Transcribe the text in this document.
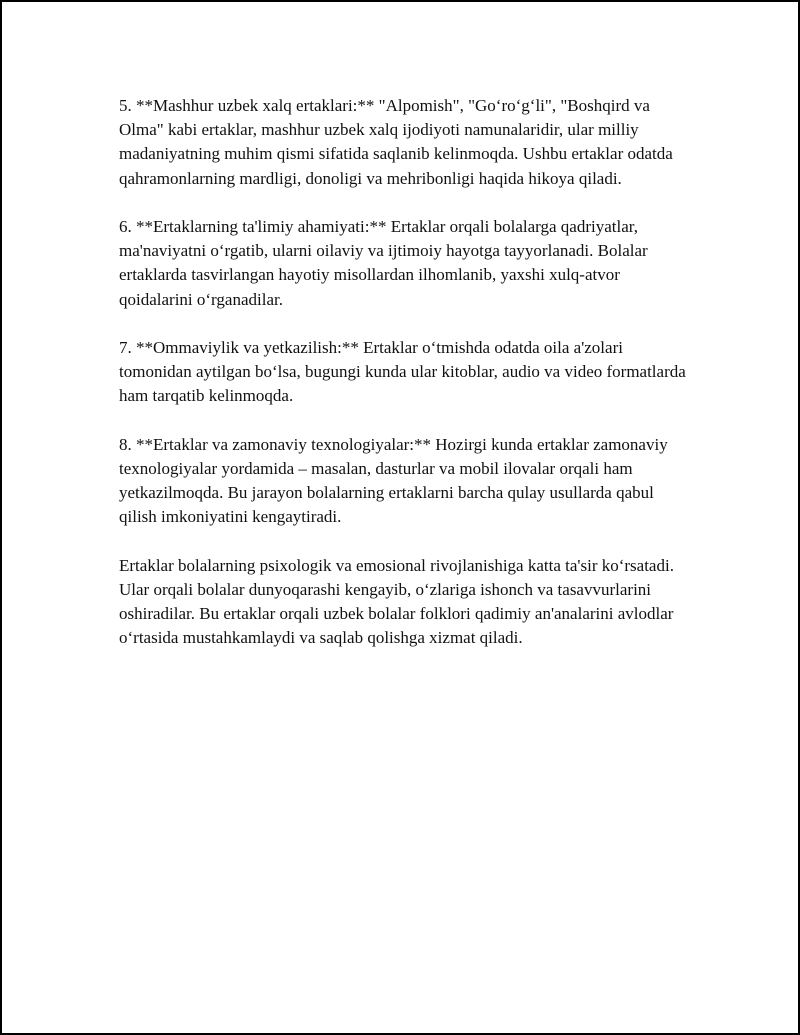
5. **Mashhur uzbek xalq ertaklari:** "Alpomish", "Go‘ro‘g‘li", "Boshqird va Olma" kabi ertaklar, mashhur uzbek xalq ijodiyoti namunalaridir, ular milliy madaniyatning muhim qismi sifatida saqlanib kelinmoqda. Ushbu ertaklar odatda qahramonlarning mardligi, donoligi va mehribonligi haqida hikoya qiladi.

6. **Ertaklarning ta'limiy ahamiyati:** Ertaklar orqali bolalarga qadriyatlar, ma'naviyatni o‘rgatib, ularni oilaviy va ijtimoiy hayotga tayyorlanadi. Bolalar ertaklarda tasvirlangan hayotiy misollardan ilhomlanib, yaxshi xulq-atvor qoidalarini o‘rganadilar.

7. **Ommaviylik va yetkazilish:** Ertaklar o‘tmishda odatda oila a'zolari tomonidan aytilgan bo‘lsa, bugungi kunda ular kitoblar, audio va video formatlarda ham tarqatib kelinmoqda.

8. **Ertaklar va zamonaviy texnologiyalar:** Hozirgi kunda ertaklar zamonaviy texnologiyalar yordamida – masalan, dasturlar va mobil ilovalar orqali ham yetkazilmoqda. Bu jarayon bolalarning ertaklarni barcha qulay usullarda qabul qilish imkoniyatini kengaytiradi.

Ertaklar bolalarning psixologik va emosional rivojlanishiga katta ta'sir ko‘rsatadi. Ular orqali bolalar dunyoqarashi kengayib, o‘zlariga ishonch va tasavvurlarini oshiradilar. Bu ertaklar orqali uzbek bolalar folklori qadimiy an'analarini avlodlar o‘rtasida mustahkamlaydi va saqlab qolishga xizmat qiladi.
